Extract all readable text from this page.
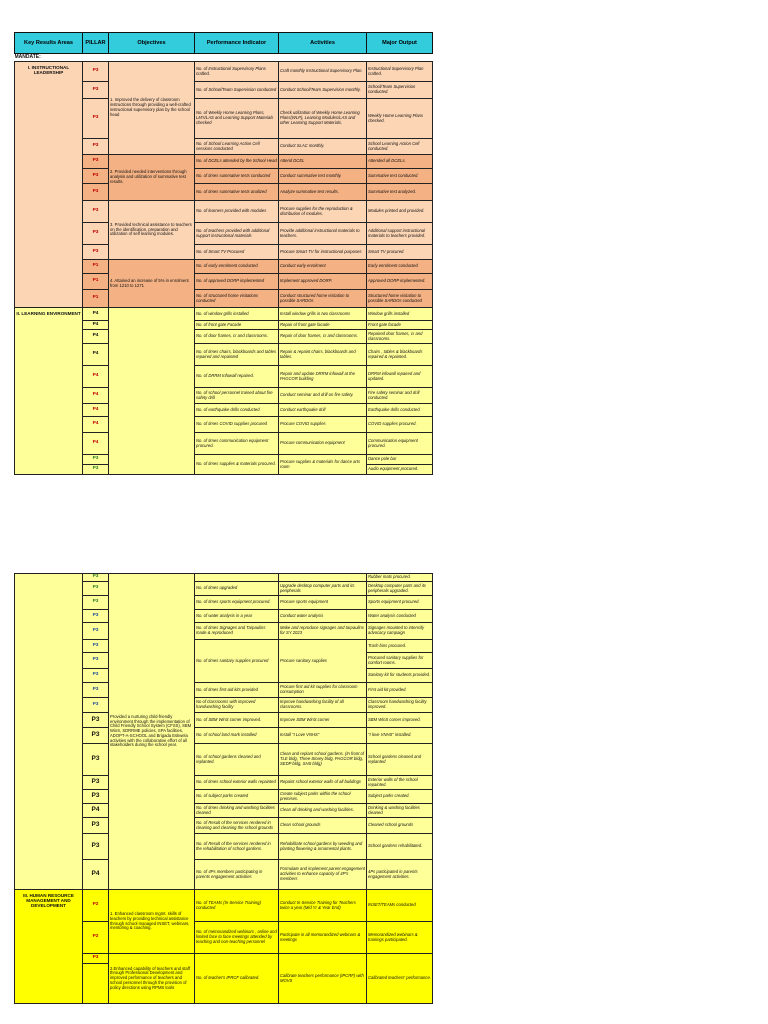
Key Results Areas	PILLAR	Objectives	Performance Indicator	Activities	Major Output
MANDATE:					
I. INSTRUCTIONAL LEADERSHIP	P3	1. Improved the delivery of classroom instructions through providing a well-crafted instructional supervisory plan by the school head	No. of Instructional Supervisory Plans crafted.	Craft monthly Instructional Supervisory Plan.	Instructional Supervisory Plan crafted.
	P3		No. of School/Team Supervision conducted	Conduct School/Team Supervision monthly.	School/Team Supervision conducted.
	P3		No. of Weekly Home Learning Plans, LM's/LAS and Learning Support Materials checked	Check utilization of Weekly Home Learning Plans(WLP), Learning Modules/LAS and other Learning Support Materials.	Weekly Home Learning Plans checked.
	P3		No. of School Learning Action Cell sessions conducted	Conduct SLAC monthly.	School Learning Action Cell conducted.
	P3	2. Provided needed interventions through analysis and utilization of summative test results.	No. of DCELs attended by the School Head	Attend DCEL	Attended all DCELs.
	P3		No. of times summative tests conducted	Conduct summative test monthly.	Summative test conducted.
	P3		No. of times summative tests analized	Analyze summative test results.	Summative test analyzed.
	P3	3. Provided technical assistance to teachers on the identification, preparation and utilization of self learning modules.	No. of learners provided with modules	Procure supplies for the reproduction & distribution of modules.	Modules printed and provided.
	P3		No. of teachers provided with additional support instructional materials	Provide additional instructional materials to teachers.	Additional support instructional materials to teachers provided.
	P3		No. of Smart TV Procured	Procure Smart TV for instructional purposes	Smart TV procured.
	P1	4. Attained an increase of 5% in enrolment from 1210 to 1271	No. of early enrolment conducted	Conduct early enrolment	Early enrolment conducted
	P1		No. of approved DORP implemented	Implement approved DORP.	Approved DORP implemented.
	P1		No. of structured home visitations conducted	Conduct structured home visitation to possible SARDOs	Structured home visitation to possible SARDOs conducted
II. LEARNING ENVIRONMENT	P4		No. of window grills installed	Install window grills in two classrooms	Window grills installed
	P4		No. of front gate Facade	Repair of front gate facade	Front gate facade
	P4		No. of door frames, cr and classrooms.	Repair of door frames, cr and classrooms.	Repaired door frames, cr and classrooms.
	P4		No. of times chairs, blackboards and tables repaired and repainted	Repair & repaint chairs, blackboards and tables.	Chairs , tables & blackboards repaired & repainted.
	P4		No. of DRRM Infowall repaired.	Repair and update DRRM infowall at the PAGCOR building	DRRM infowall repaired and updated.
	P4		No. of school personnel trained about fire safety drill	Conduct seminar and drill on fire safety.	Fire safety seminar and drill conducted.
	P4		No. of earthquake drills conducted	Conduct earthquake drill	Earthquake drills conducted
	P4		No. of times COVID supplies procured	Procure COVID supplies	COVID supplies procured.
	P4		No. of times communication equipment procured.	Procure communication equipment	Communication equipment procured.
	P3		No. of times supplies & materials procured.	Procure supplies & materials for dance arts room	Dance pole bar
	P3				Audio equipment procured.
	P3	Provided a nurturing child-friendly environment through the implementation of Child Friendly School System (CFSS), SBM WinS, SDRRME policies, SPA facilities, ADOPT-A-SCHOOL and Brigada Eskwela activities with the collaborative effort of all stakeholders during the school year.			Rubber mats procured.
	P3		No. of times upgraded	Upgrade desktop computer parts and its peripherals	Desktop computer parts and its peripherals upgraded.
	P3		No. of times sports equipment procured.	Procure sports equipment	Sports equipment procured.
	P3		No. of water analysis in a year	Conduct water analysis	Water analysis conducted
	P3		No. of times Signages and Tarpaulins made & reproduced	Make and reproduce signages and tarpaulins for SY 2023	Signages mounted to intensify advocacy campaign
	P3		No. of times sanitary supplies procured	Procure sanitary supplies	Trash bins procured.
	P3				Procured sanitary supplies for comfort rooms.
	P3				Sanitary kit for students provided.
	P3		No. of times first-aid kits provided	Procure first aid kit supplies for classroom consumption	First aid kit provided.
	P3		No of classrooms with improved handwashing facility	Improve handwashing facility of all classrooms.	Classroom handwashing facility improved.
	P3		No. of SBM WinS corner improved.	Improve SBM WinS corner	SBM WinS corner improved.
	P3		No. of school land mark installed	Install "I Love VNHS"	"I love VNHS" installed.
	P3		No. of school gardens cleaned and replanted.	Clean and replant school gardens. (In front of TLE bldg, Three-Storey bldg, PAGCOR bldg, SEDP bldg, SHS bldg)	School gardens cleaned and replanted
	P3		No. of times school exterior walls repainted	Repaint school exterior walls of all buildings	Exterior walls of the school repainted.
	P3		No. of subject parks created	Create subject parks within the school premises.	Subject parks created.
	P4		No. of times drinking and washing facilities cleaned	Clean all drinking and washing facilities.	Drinking & washing facilities cleaned
	P3		No. of Result of the services rendered in cleaning and cleaning the school grounds	Clean school grounds	Cleaned school grounds
	P3		No. of Result of the services rendered in the rehabilitation of school gardens.	Rehabilitate school gardens by weeding and planting flowering & ornamental plants.	School gardens rehabilitated.
	P4		No. of 4Ps members participating in parents engagement activities	Formulate and implement parent engagement activities to enhance capacity of 4P's members	4Ps participated in parents engagement activities.
III. HUMAN RESOURCE MANAGEMENT AND DEVELOPMENT	P2	1. Enhanced classroom mgmt. skills of teachers by providing technical assistance through school managed INSET, webinars, mentoring & coaching.	No. of TEAMs (In-Service Training) conducted	Conduct In-Service Training for Teachers twice a year (Mid Yr & Year End)	INSET/TEAMs conducted
	P2		No. of memorandized webinars , online and limited face to face meetings attended by teaching and non-teaching personnel	Participate in all memorandized webinars & meetings	Memorandized webinars & trainings participated.
	P3	2.Enhanced capability of teachers and staff through Professional Development and improved performance of teachers and school personnel through the provision of policy directions using RPMS tools	No. of teacher's IPRCF calibrated.	Calibrate teachers performance (IPCRF) with MOVS	Calibrated teachers' performance.
